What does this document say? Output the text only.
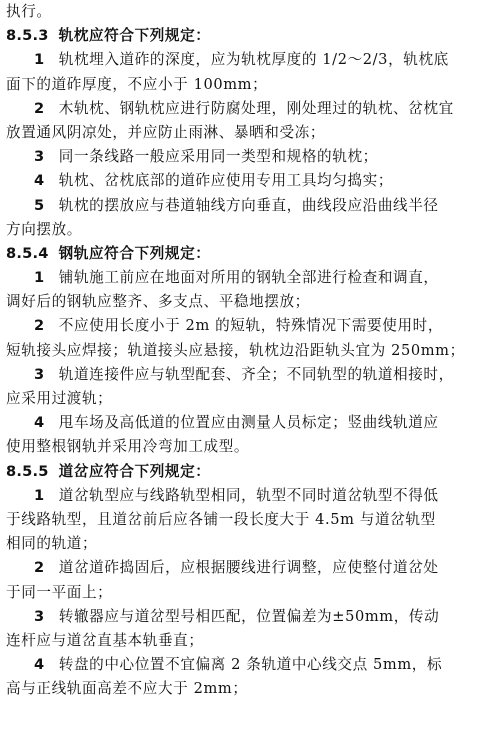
执行。
8.5.3 轨枕应符合下列规定：
1 轨枕埋入道砟的深度，应为轨枕厚度的 1/2～2/3，轨枕底
面下的道砟厚度，不应小于 100mm；
2 木轨枕、钢轨枕应进行防腐处理，刚处理过的轨枕、岔枕宜
放置通风阴凉处，并应防止雨淋、暴晒和受冻；
3 同一条线路一般应采用同一类型和规格的轨枕；
4 轨枕、岔枕底部的道砟应使用专用工具均匀捣实；
5 轨枕的摆放应与巷道轴线方向垂直，曲线段应沿曲线半径
方向摆放。
8.5.4 钢轨应符合下列规定：
1 铺轨施工前应在地面对所用的钢轨全部进行检查和调直，
调好后的钢轨应整齐、多支点、平稳地摆放；
2 不应使用长度小于 2m 的短轨，特殊情况下需要使用时，
短轨接头应焊接；轨道接头应悬接，轨枕边沿距轨头宜为 250mm；
3 轨道连接件应与轨型配套、齐全；不同轨型的轨道相接时，
应采用过渡轨；
4 甩车场及高低道的位置应由测量人员标定；竖曲线轨道应
使用整根钢轨并采用冷弯加工成型。
8.5.5 道岔应符合下列规定：
1 道岔轨型应与线路轨型相同，轨型不同时道岔轨型不得低
于线路轨型，且道岔前后应各铺一段长度大于 4.5m 与道岔轨型
相同的轨道；
2 道岔道砟捣固后，应根据腰线进行调整，应使整付道岔处
于同一平面上；
3 转辙器应与道岔型号相匹配，位置偏差为±50mm，传动
连杆应与道岔直基本轨垂直；
4 转盘的中心位置不宜偏离 2 条轨道中心线交点 5mm，标
高与正线轨面高差不应大于 2mm；
